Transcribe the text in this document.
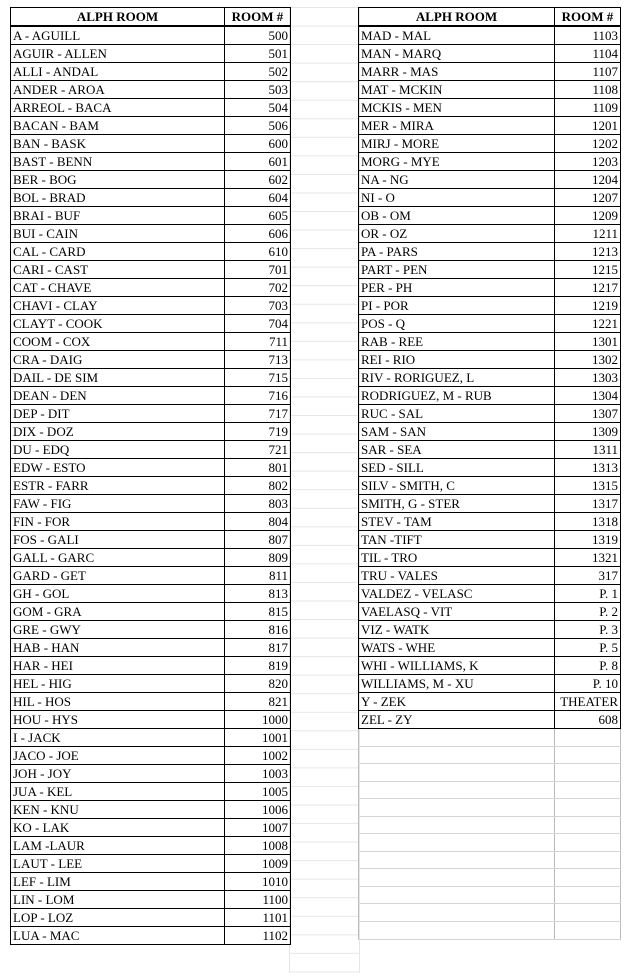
ALPH ROOM	ROOM #
A - AGUILL	500
AGUIR - ALLEN	501
ALLI - ANDAL	502
ANDER - AROA	503
ARREOL - BACA	504
BACAN - BAM	506
BAN - BASK	600
BAST - BENN	601
BER - BOG	602
BOL - BRAD	604
BRAI - BUF	605
BUI - CAIN	606
CAL - CARD	610
CARI - CAST	701
CAT - CHAVE	702
CHAVI - CLAY	703
CLAYT - COOK	704
COOM - COX	711
CRA - DAIG	713
DAIL - DE SIM	715
DEAN - DEN	716
DEP - DIT	717
DIX - DOZ	719
DU - EDQ	721
EDW - ESTO	801
ESTR - FARR	802
FAW - FIG	803
FIN - FOR	804
FOS - GALI	807
GALL - GARC	809
GARD - GET	811
GH - GOL	813
GOM - GRA	815
GRE - GWY	816
HAB - HAN	817
HAR - HEI	819
HEL - HIG	820
HIL - HOS	821
HOU - HYS	1000
I - JACK	1001
JACO - JOE	1002
JOH - JOY	1003
JUA - KEL	1005
KEN - KNU	1006
KO - LAK	1007
LAM -LAUR	1008
LAUT - LEE	1009
LEF - LIM	1010
LIN - LOM	1100
LOP - LOZ	1101
LUA - MAC	1102
ALPH ROOM	ROOM #
MAD - MAL	1103
MAN - MARQ	1104
MARR - MAS	1107
MAT - MCKIN	1108
MCKIS - MEN	1109
MER - MIRA	1201
MIRJ - MORE	1202
MORG - MYE	1203
NA - NG	1204
NI - O	1207
OB - OM	1209
OR - OZ	1211
PA - PARS	1213
PART - PEN	1215
PER - PH	1217
PI - POR	1219
POS - Q	1221
RAB - REE	1301
REI - RIO	1302
RIV - RORIGUEZ, L	1303
RODRIGUEZ, M - RUB	1304
RUC - SAL	1307
SAM - SAN	1309
SAR - SEA	1311
SED - SILL	1313
SILV - SMITH, C	1315
SMITH, G - STER	1317
STEV - TAM	1318
TAN -TIFT	1319
TIL - TRO	1321
TRU - VALES	317
VALDEZ - VELASC	P. 1
VAELASQ - VIT	P. 2
VIZ - WATK	P. 3
WATS - WHE	P. 5
WHI - WILLIAMS, K	P. 8
WILLIAMS, M - XU	P. 10
Y - ZEK	THEATER
ZEL - ZY	608
